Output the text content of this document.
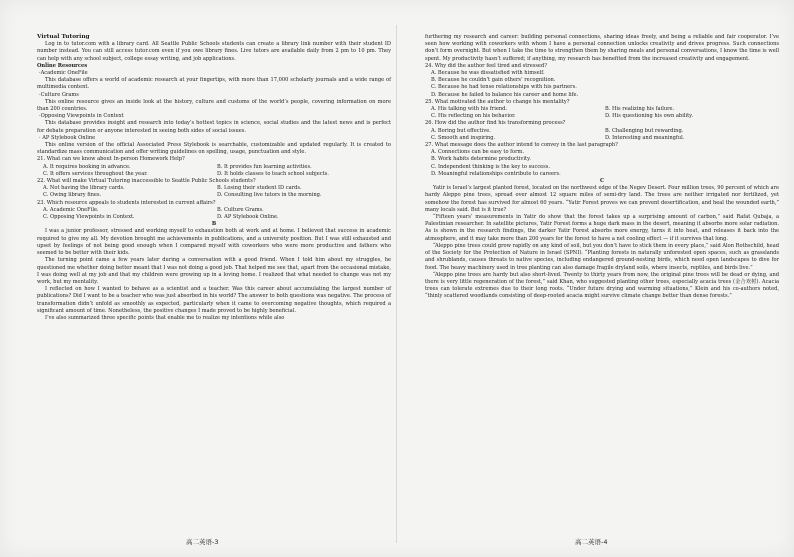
Virtual Tutoring

Log in to tutor.com with a library card. All Seattle Public Schools students can create a library link number with their student ID number instead. You can still access tutor.com even if you owe library fines. Live tutors are available daily from 2 pm to 10 pm. They can help with any school subject, college essay writing, and job applications.

Online Resources

·Academic OneFile

This database offers a world of academic research at your fingertips, with more than 17,000 scholarly journals and a wide range of multimedia content.

·Culture Grams

This online resource gives an inside look at the history, culture and customs of the world’s people, covering information on more than 200 countries.

·Opposing Viewpoints in Context

This database provides insight and research into today’s hottest topics in science, social studies and the latest news and is perfect for debate preparation or anyone interested in seeing both sides of social issues.

· AP Stylebook Online

This online version of the official Associated Press Stylebook is searchable, customizable and updated regularly. It is created to standardize mass communication and offer writing guidelines on spelling, usage, punctuation and style.

21. What can we know about In-person Homework Help?

A. It requires booking in advance.	B. It provides fun learning activities.
C. It offers services throughout the year.	D. It holds classes to teach school subjects.

22. What will make Virtual Tutoring inaccessible to Seattle Public Schools students?

A. Not having the library cards.	B. Losing their student ID cards.
C. Owing library fines.	D. Consulting live tutors in the morning.

23. Which resource appeals to students interested in current affairs?

A. Academic OneFile.	B. Culture Grams.
C. Opposing Viewpoints in Context.	D. AP Stylebook Online.

B

I was a junior professor, stressed and working myself to exhaustion both at work and at home. I believed that success in academic required to give my all. My devotion brought me achievements in publications, and a university position. But I was still exhausted and upset by feelings of not being good enough when I compared myself with coworkers who were more productive and fathers who seemed to be better with their kids.

The turning point came a few years later during a conversation with a good friend. When I told him about my struggles, he questioned me whether doing better meant that I was not doing a good job. That helped me see that, apart from the occasional mistake, I was doing well at my job and that my children were growing up in a loving home. I realized that what needed to change was not my work, but my mentality.

I reflected on how I wanted to behave as a scientist and a teacher. Was this career about accumulating the largest number of publications? Did I want to be a teacher who was just absorbed in his world? The answer to both questions was negative. The process of transformation didn’t unfold as smoothly as expected, particularly when it came to overcoming negative thoughts, which required a significant amount of time. Nonetheless, the positive changes I made proved to be highly beneficial.

I’ve also summarized three specific points that enable me to realize my intentions while also

furthering my research and career: building personal connections, sharing ideas freely, and being a reliable and fair cooperator. I’ve seen how working with coworkers with whom I have a personal connection unlocks creativity and drives progress. Such connections don’t form overnight. But when I take the time to strengthen them by sharing meals and personal conversations, I know the time is well spent. My productivity hasn’t suffered; if anything, my research has benefited from the increased creativity and engagement.

24. Why did the author feel tired and stressed?

A. Because he was dissatisfied with himself.
B. Because he couldn’t gain others’ recognition.
C. Because he had tense relationships with his partners.
D. Because he failed to balance his career and home life.

25. What motivated the author to change his mentality?

A. His talking with his friend.	B. His realizing his failure.
C. His reflecting on his behavior.	D. His questioning his own ability.

26. How did the author find his transforming process?

A. Boring but effective.	B. Challenging but rewarding.
C. Smooth and inspiring.	D. Interesting and meaningful.

27. What message does the author intend to convey in the last paragraph?

A. Connections can be easy to form.
B. Work habits determine productivity.
C. Independent thinking is the key to success.
D. Meaningful relationships contribute to careers.

C

Yatir is Israel’s largest planted forest, located on the northwest edge of the Negev Desert. Four million trees, 90 percent of which are hardy Aleppo pine trees, spread over almost 12 square miles of semi-dry land. The trees are neither irrigated nor fertilized, yet somehow the forest has survived for almost 60 years. “Yatir Forest proves we can prevent desertification, and heal the wounded earth,” many locals said. But is it true?

“Fifteen years’ measurements in Yatir do show that the forest takes up a surprising amount of carbon,” said Rafat Qubaja, a Palestinian researcher. In satellite pictures, Yatir Forest forms a huge dark mass in the desert, meaning it absorbs more solar radiation. As is shown in the research findings, the darker Yatir Forest absorbs more energy, turns it into heat, and releases it back into the atmosphere, and it may take more than 200 years for the forest to have a net cooling effect — if it survives that long.

“Aleppo pine trees could grow rapidly on any kind of soil, but you don’t have to stick them in every place,” said Alon Rothschild, head of the Society for the Protection of Nature in Israel (SPNI). “Planting forests in naturally unforested open spaces, such as grasslands and shrublands, causes threats to native species, including endangered ground-nesting birds, which need open landscapes to dive for food. The heavy machinery used in tree planting can also damage fragile dryland soils, where insects, reptiles, and birds live.”

“Aleppo pine trees are hardy but also short-lived. Twenty to thirty years from now, the original pine trees will be dead or dying, and there is very little regeneration of the forest,” said Khan, who suggested planting other trees, especially acacia trees (金合欢树). Acacia trees can tolerate extremes due to their long roots. “Under future drying and warming situations,” Klein and his co-authors noted, “thinly scattered woodlands consisting of deep-rooted acacia might survive climate change better than dense forests.”

高二英语-3	高二英语-4
